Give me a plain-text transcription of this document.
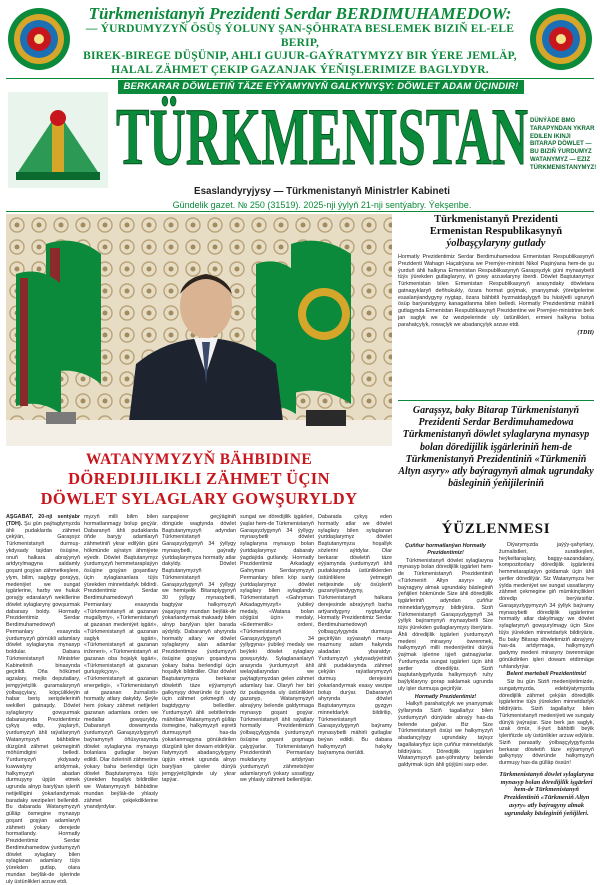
Türkmenistanyň Prezidenti Serdar BERDIMUHAMEDOW:
— ÝURDUMYZYŇ ÖSÜŞ ÝOLUNY ŞAN-ŞÖHRATA BESLEMEK BIZIŇ EL-ELE BERIP,
BIREK-BIREGE DÜŞÜNIP, AHLI GUJUR-GAÝRATYMYZY BIR ÝERE JEMLÄP,
HALAL ZÄHMET ÇEKIP GAZANJAK ÝEŇIŞLERIMIZE BAGLYDYR.
BERKARAR DÖWLETIŇ TÄZE EÝÝAMYNYŇ GALKYNYŞY: DÖWLET ADAM ÜÇINDIR!
TÜRKMENISTAN DÜNÝÄDE BMG TARAPYNDAN YKRAR EDILEN IKINJI BITARAP DÖWLET — BU BIZIŇ ÝURDUMYZ WATANYMYZ — EZIZ TÜRKMENISTANYMYZ!
Esaslandyryjysy — Türkmenistanyň Ministrler Kabineti
Gündelik gazet. № 250 (31519). 2025-nji ýylyň 21-nji sentýabry. Ýekşenbe.
WATANYMYZYŇ BÄHBIDINE
DÖREDIJILIKLI ZÄHMET ÜÇIN
DÖWLET SYLAGLARY GOWŞURYLDY
AŞGABAT, 20-nji sentýabr (TDH). Şu gün paýtagtymyzda ähli pudaklarda zähmet çekýän, Garaşsyz Türkmenistanyň durmuş-ykdysady taýdan ösüşine, onuň halkara abraýynyň artdyrylmagyna saldamly goşant goşýan zähmetkeşlere, ylym, bilim, saglygy goraýyş, medeniýet we sungat işgärlerine, harby we hukuk goraýjy edaralaryň wekillerine döwlet sylaglaryny gowşurmak dabarasy boldy. Hormatly Prezidentimiz Serdar Berdimuhamedowyň Permanlary esasynda ýurdumyzyň görnükli adamlary döwlet sylaglaryna mynasyp boldular. Dabara Türkmenistanyň Ministrler Kabinetiniň binasynda geçirildi. Oňa hökümet agzalary, mejlis deputatlary, jemgyýetçilik guramalarynyň ýolbaşçylary, köpçülikleýin habar beriş serişdeleriniň wekilleri gatnaşdy. Döwlet sylaglaryny gowşurmak dabarasynda Prezidentimiz çykyş edip, ýaşlaryň, ýurdumyzyň ähli raýatlarynyň Watanymyzyň bähbidine düzgünli zähmet çekmeginiň möhümdigini belledi. Ýurdumyzyň ykdysady kuwwatyny artdyrmak, halkymyzyň abadan durmuşyny üpjün etmek ugrunda alnyp barylýan işleriň netijeliligini ýokarlandyrmak baradaky wezipeleri bellenildi. Bu dabarada Watanymyzyň gülläp ösmegine mynasyp goşant goşýan adamlaryň zähmeti ýokary derejede hormatlandy. Hormatly Prezidentimiz Serdar Berdimuhamedow ýurdumyzyň döwlet sylaglary bilen sylaglanan adamlary tüýs ýürekden gutlap, olara mundan beýläk-de işlerinde uly üstünlikleri arzuw etdi.
myzyň milli bilim bilen hormatlanmagy bolup geçýär. Dabaranyň ähli pudaklarda öňde baryjy adamlaryň zähmetiniň ykrar edilýän güni hökmünde aýratyn ähmiýete eýedir. Döwlet Baştutanymyz ýurdumyzyň hemmetaraplaýyn ösüşine goşýan goşantlary üçin sylaglananlara tüýs ýürekden minnetdarlyk bildirdi. Prezidentimiz Serdar Berdimuhamedowyň Permanlary esasynda «Türkmenistanyň at gazanan mugallymy», «Türkmenistanyň at gazanan medeniýet işgäri», «Türkmenistanyň at gazanan saglyk işgäri», «Türkmenistanyň at gazanan inženeri», «Türkmenistanyň at gazanan oba hojalyk işgäri», «Türkmenistanyň at gazanan gurluşykçysy», «Türkmenistanyň at gazanan energetigi», «Türkmenistanyň at gazanan žurnalisti» hormatly atlary dakyldy. Şeýle hem ýokary zähmet netijeleri gazanan adamlara orden we medallar gowşuryldy. Dabaranyň dowamynda ýurdumyzyň Garaşsyzlygynyň baýramynyň öňüsyrasynda döwlet sylaglaryna mynasyp bolanlara gutlaglar beýan edildi. Olar özleriniň zähmetine ýokary baha berlendigi üçin döwlet Baştutanymyza tüýs ýürekden hoşallyk bildirdiler we Watanymyzyň bähbidine mundan beýläk-de yhlasly zähmet çekjekdiklerine ynandyrdylar.
sanpaýerer geçýäginiň döngüde wagtynda döwlet Baştutanymyzyň adyndan Türkmenistanyň Garaşsyzlygynyň 34 ýyllygy mynasybetli, gaýratly ýurtdaşlarymyza hormatly atlar dakyldy. Döwlet Baştutanymyzyň Türkmenistanyň Garaşsyzlygynyň 34 ýyllygy we hemişelik Bitaraplygynyň 30 ýyllygy mynasybetli, bagtyýar halkymyzyň ýaşaýşyny mundan beýläk-de ýokarlandyrmak maksady bilen alnyp barylýan işler barada aýdyldy. Dabaranyň ahyrynda hormatly atlary we döwlet sylaglaryny alan adamlar Prezidentimize ýurdumyzyň ösüşine goşýan goşandyna ýokary baha berlendigi üçin hoşallyk bildirdiler. Olar döwlet Baştutanymyza berkarar döwletiň täze eýýamynyň galkynyşy döwründe öz ýurdy üçin zähmet çekmegiň uly bagtdygyny bellediler. Ýurdumyzyň ähli sebitlerinde mähriban Watanymyzyň gülläp ösmegine, halkymyzyň eşretli durmuşynyň has-da ýokarlanmagyna gönükdirilen düzgünli işler dowam etdirilýär. Ilatymyzyň abadançylygyny üpjün etmek ugrunda alnyp barylýan çäreler dünýä jemgyýetçiliginde uly ykrar tapýar.
sungat we döredijilik işgärleri, ýaşlar hem-de Türkmenistanyň Garaşsyzlygynyň 34 ýyllygy mynasybetli döwlet sylaglaryna mynasyp bolan ýurtdaşlarymyz dabaraly ýagdaýda gutlandy. Hormatly Prezidentimiz Arkadagly Gahryman Serdarymyzyň Permanlary bilen köp sanly ýurtdaşlarymyz döwlet sylaglary bilen sylaglandy. Türkmenistanyň «Gahryman Arkadagymyzyň» ýubileý medaly, «Watana bolan söýgüsi üçin» medaly, «Edermenlik» ordeni, «Türkmenistanyň Garaşsyzlygynyň 34 ýyllygyna» ýubileý medaly we beýleki döwlet sylaglary gowşuryldy. Sylaglananlaryň arasynda ýurdumyzyň ähli welaýatlaryndan we paýtagtymyzdan gelen zähmet adamlary bar. Olaryň her biri öz pudagynda uly üstünlikleri gazanyp, Watanymyzyň abraýyny belende galdyrmaga mynasyp goşant goşýar. Türkmenistanyň ähli raýatlary hormatly Prezidentimiziň ýolbaşçylygynda ýurdumyzyň ösüşine goşant goşmaga çalyşýarlar. Türkmenistanyň Prezidentiniň Permanlary mukdaryny artdyrýan ýurdumyzyň zähmetsöýer adamlarynyň ýokary ussatlygy we yhlasly zähmeti bellenilýär.
Dabarada çykyş eden hormatly atlar we döwlet sylaglary bilen sylaglanan ýurtdaşlarymyz döwlet Baştutanymyza hoşallyk sözlerini aýtdylar. Olar berkarar döwletiň täze eýýamynda ýurdumyzyň ähli pudaklarynda üstünliklerden üstünliklere ýetmegiň netijesinde uly ösüşleriň gazanylýandygyny, Türkmenistanyň halkara derejesinde abraýynyň barha artýandygyny nygtadylar. Hormatly Prezidentimiz Serdar Berdimuhamedowyň ýolbaşçylygynda durmuşa geçirilýän syýasatyň many-mazmuny adam hakynda aladadan ybaratdyr. Ýurdumyzyň ykdysadyýetiniň ähli pudaklarynda zähmet çekýän raýatlarymyzyň durmuş derejesini ýokarlandyrmak esasy wezipe bolup durýar. Dabaranyň ahyrynda döwlet Baştutanymyza gyzgyn minnetdarlyk bildirilip, Türkmenistanyň Garaşsyzlygynyň baýramy mynasybetli mähirli gutlaglar beýan edildi. Bu dabara halkymyzyň hakyky baýramyna öwrüldi.
Türkmenistanyň Prezidenti
Ermenistan Respublikasynyň
ýolbaşçylaryny gutlady
Hormatly Prezidentimiz Serdar Berdimuhamedow Ermenistan Respublikasynyň Prezidenti Wahagn Haçatrýana we Premýer-ministri Nikol Paşinýana hem-de şu ýurduň ähli halkyna Ermenistan Respublikasynyň Garaşsyzlyk güni mynasybetli tüýs ýürekden gutlaglaryny, iň gowy arzuwlaryny iberdi. Döwlet Baştutanymyz Türkmenistan bilen Ermenistan Respublikasynyň arasyndaky döwletara gatnaşyklaryň deňhukukly, özara hormat goýmak, ynanyşmak ýörelgelerine esaslanýandygyny nygtap, özara bähbitli hyzmatdaşlygyň bu häsiýetli ugrunyň ösüp barýandygyny kanagatlanma bilen belledi. Hormatly Prezidentimiz mähirli gutlagynda Ermenistan Respublikasynyň Prezidentine we Premýer-ministrine berk jan saglyk we öz wezipelerinde uly üstünlikleri, ermeni halkyna bolsa parahatçylyk, rowaçlyk we abadançylyk arzuw etdi.
(TDH)
Garaşsyz, baky Bitarap Türkmenistanyň Prezidenti Serdar Berdimuhamedowa Türkmenistanyň döwlet sylaglaryna mynasyp bolan döredijilik işgärleriniň hem-de Türkmenistanyň Prezidentiniň «Türkmeniň Altyn asyry» atly baýragynyň almak ugrundaky bäsleginiň ýeňijileriniň
ÝÜZLENMESI
Çuňňur hormatlanýan Hormatly Prezidentimiz!
Türkmenistanyň döwlet sylaglaryna mynasyp bolan döredijilik işgärleri hem-de Türkmenistanyň Prezidentiniň «Türkmeniň Altyn asyry» atly baýragyny almak ugrundaky bäsleginiň ýeňijileri hökmünde Size ähli döredijilik işgärleriniň adyndan çuňňur minnetdarlygymyzy bildirýäris. Siziň Türkmenistanyň Garaşsyzlygynyň 34 ýyllyk baýramynyň mynasybetli Size tüýs ýürekden gutlaglarymyzy iberýäris. Ähli döredijilik işgärleri ýurdumyzyň medeni mirasyny öwrenmek, halkymyzyň milli medeniýetini dünýä ýaýmak işlerine işjeň gatnaşýarlar. Ýurdumyzda sungat işgärleri üçin ähli şertler döredilýär. Siziň baştutanlygyňyzda halkymyzyň ruhy baýlyklaryny gorap saklamak ugrunda uly işler durmuşa geçirilýär.
Hormatly Prezidentimiz!
Halkyň parahatçylyk we ynanyşmak ýyllarynda Siziň tagallaňyz bilen ýurdumyzyň dünýäde abraýy has-da belende galýar. Biz Size Türkmenistanyň ösüşi we halkymyzyň abadançylygy ugrundaky taýsyz tagallalaryňyz üçin çuňňur minnetdarlyk bildirýäris. Döredijilik işgärleri Watanymyzyň şan-şöhratyny belende galdyrmak üçin ähli güýjüni sarp eder.
Diýarymyzda jaýýy-şahyrlary, žurnalistleri, suratkeşleri, heýkeltaraşlary, bagşy-sazandalary, kompozitorlary döredijilik işgärlerini hemmetaraplaýyn goldamak üçin ähli şertler döredilýär. Siz Watanymyza her ýylda medeniýet we sungat ussatlaryny zähmet çekmegine giň mümkinçilikleri döredip berýärsiňiz. Garaşsyzlygymyzyň 34 ýyllyk baýramy mynasybetli döredijilik işgärlerine hormatly atlar dakylmagy we döwlet sylaglarynyň gowşurylmagy üçin Size tüýs ýürekden minnetdarlyk bildirýäris. Bu baky Bitarap döwletimiziň abraýyny has-da artdyrmaga, halkymyzyň gadymy medeni mirasyny öwrenmäge gönükdirilen işleri dowam etdirmäge ruhlandyrýar.
Belent mertebeli Prezidentimiz!
Siz bu gün Siziň medeniýetimizde, sungatymyzda, edebiýatymyzda döredijilik zähmet çekýän döredijilik işgärlerine tüýs ýürekden minnetdarlyk bildirýäris. Siziň tagallaňyz bilen Türkmenistanyň medeniýeti we sungaty dünýä ýaýraýar. Size berk jan saglyk, uzak ömür, il-ýurt bähbitli beýik işleriňizde uly üstünlikler arzuw edýäris. Siziň parasatly ýolbaşçylygyňyzda berkarar döwletiň täze eýýamynyň galkynyşy döwründe halkymyzyň durmuşy has-da gülläp össün!
Türkmenistanyň döwlet sylaglaryna mynasyp bolan döredijilik işgärleri hem-de Türkmenistanyň Prezidentiniň «Türkmeniň Altyn asyry» atly baýragyny almak ugrundaky bäsleginiň ýeňijileri.
